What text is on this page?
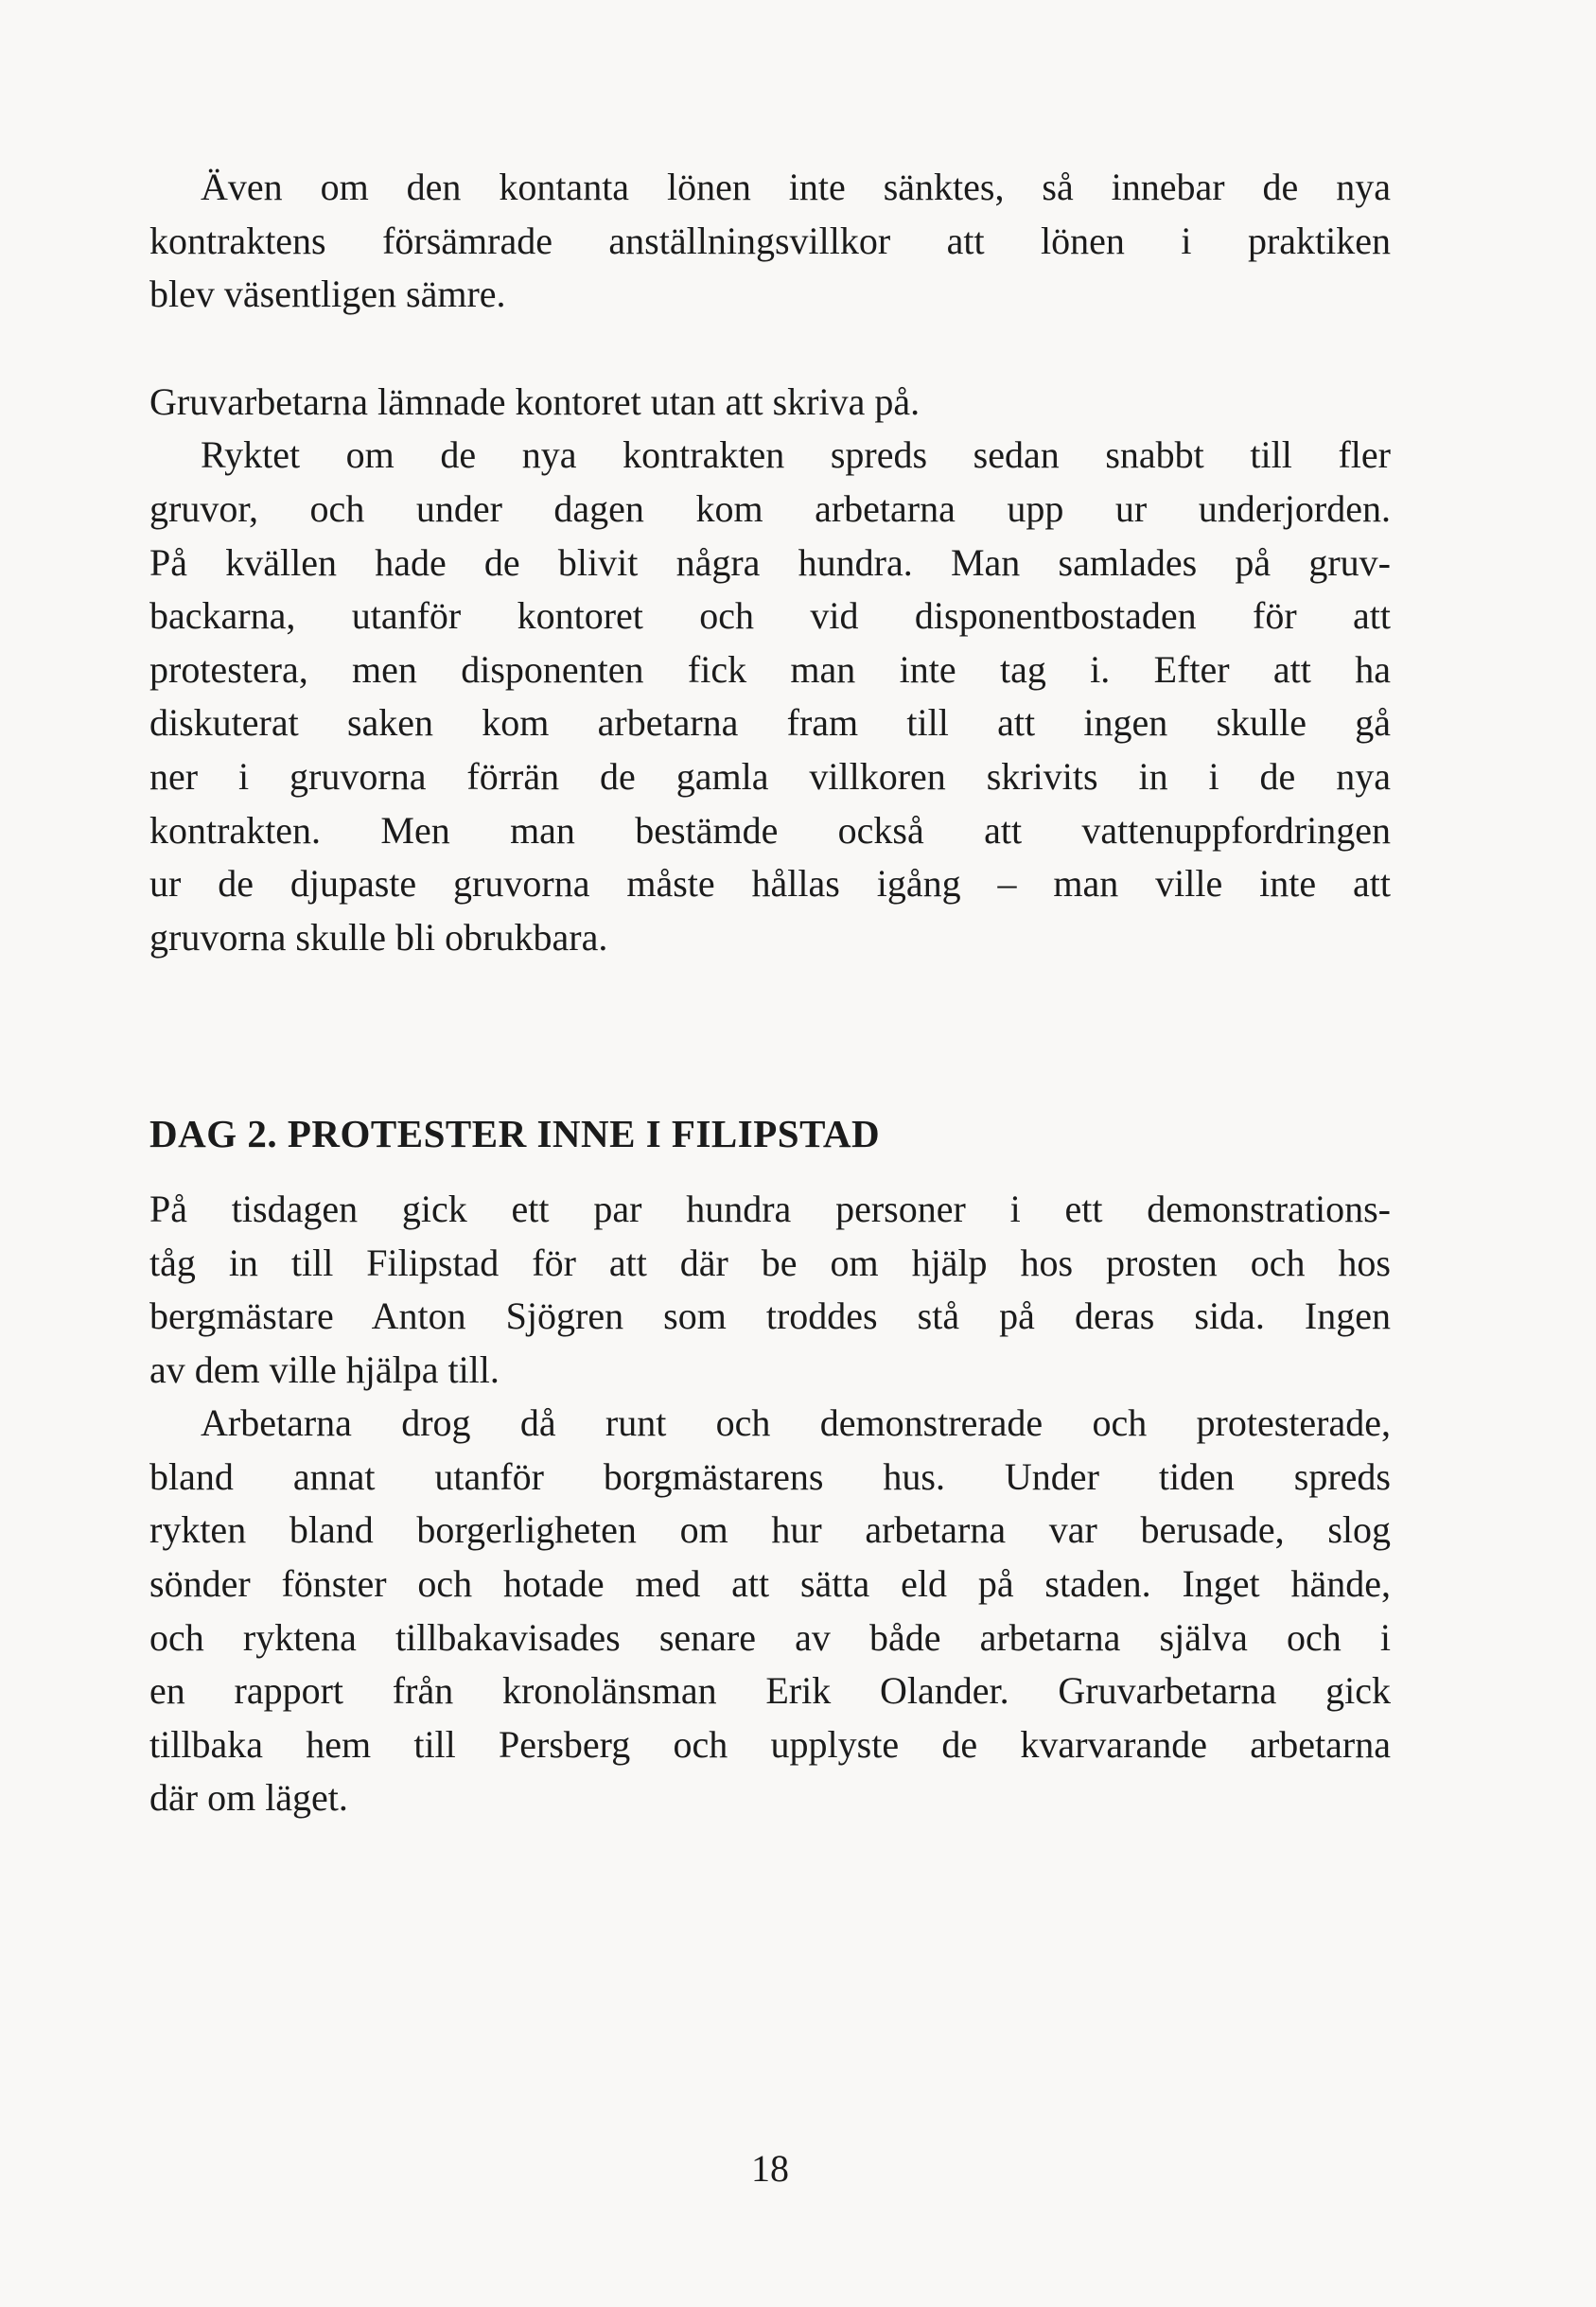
Även om den kontanta lönen inte sänktes, så innebar de nya
kontraktens försämrade anställningsvillkor att lönen i praktiken
blev väsentligen sämre.

Gruvarbetarna lämnade kontoret utan att skriva på.

Ryktet om de nya kontrakten spreds sedan snabbt till fler
gruvor, och under dagen kom arbetarna upp ur underjorden.
På kvällen hade de blivit några hundra. Man samlades på gruv-
backarna, utanför kontoret och vid disponentbostaden för att
protestera, men disponenten fick man inte tag i. Efter att ha
diskuterat saken kom arbetarna fram till att ingen skulle gå
ner i gruvorna förrän de gamla villkoren skrivits in i de nya
kontrakten. Men man bestämde också att vattenuppfordringen
ur de djupaste gruvorna måste hållas igång – man ville inte att
gruvorna skulle bli obrukbara.

DAG 2. PROTESTER INNE I FILIPSTAD

På tisdagen gick ett par hundra personer i ett demonstrations-
tåg in till Filipstad för att där be om hjälp hos prosten och hos
bergmästare Anton Sjögren som troddes stå på deras sida. Ingen
av dem ville hjälpa till.

Arbetarna drog då runt och demonstrerade och protesterade,
bland annat utanför borgmästarens hus. Under tiden spreds
rykten bland borgerligheten om hur arbetarna var berusade, slog
sönder fönster och hotade med att sätta eld på staden. Inget hände,
och ryktena tillbakavisades senare av både arbetarna själva och i
en rapport från kronolänsman Erik Olander. Gruvarbetarna gick
tillbaka hem till Persberg och upplyste de kvarvarande arbetarna
där om läget.

18
